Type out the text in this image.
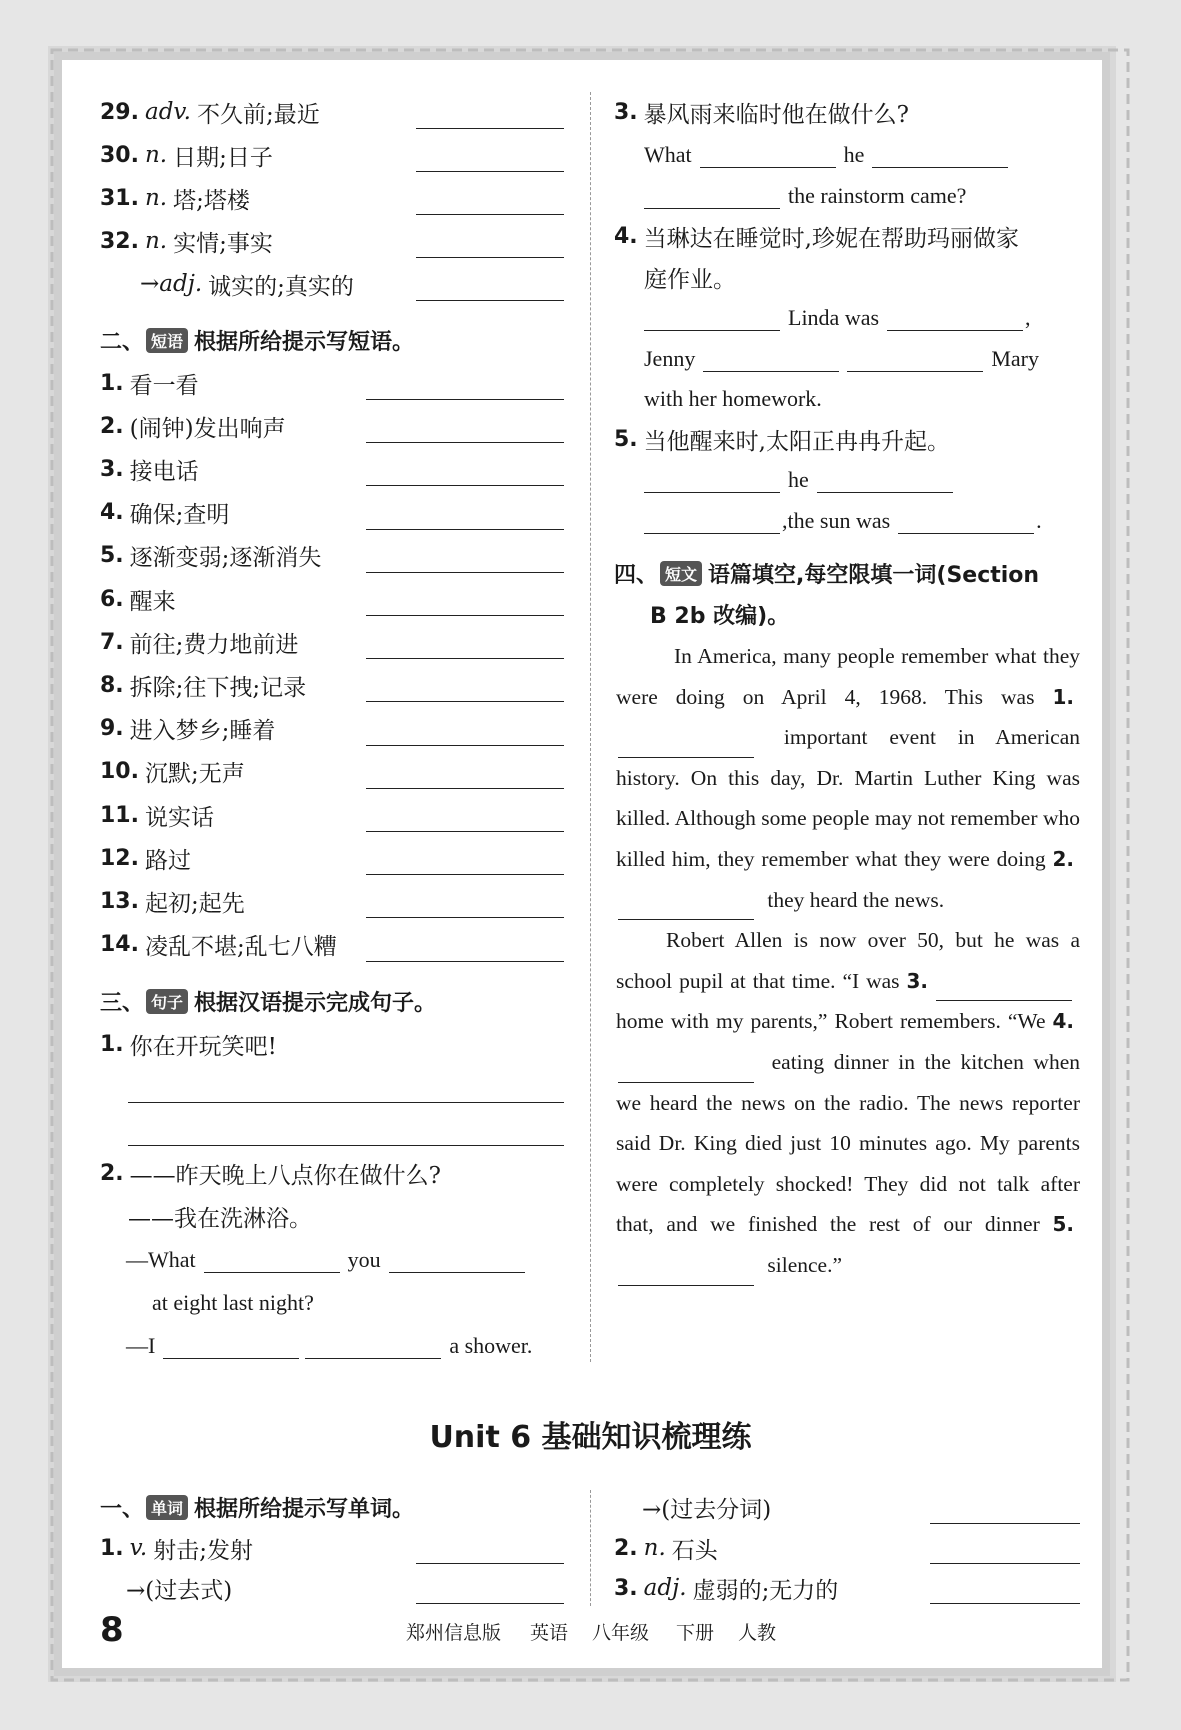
29. adv. 不久前;最近
30. n. 日期;日子
31. n. 塔;塔楼
32. n. 实情;事实
→adj. 诚实的;真实的
二、 短语 根据所给提示写短语。
1. 看一看
2. (闹钟)发出响声
3. 接电话
4. 确保;查明
5. 逐渐变弱;逐渐消失
6. 醒来
7. 前往;费力地前进
8. 拆除;往下拽;记录
9. 进入梦乡;睡着
10. 沉默;无声
11. 说实话
12. 路过
13. 起初;起先
14. 凌乱不堪;乱七八糟
三、 句子 根据汉语提示完成句子。
1. 你在开玩笑吧!
2. ——昨天晚上八点你在做什么?
——我在洗淋浴。
—What	you
at eight last night?
—I	a shower.
3. 暴风雨来临时他在做什么?
What	he
the rainstorm came?
4. 当琳达在睡觉时,珍妮在帮助玛丽做家
庭作业。
Linda was	,
Jenny	Mary
with her homework.
5. 当他醒来时,太阳正冉冉升起。
he
,the sun was	.
四、 短文 语篇填空,每空限填一词(Section
B 2b 改编)。
In America, many people remember what they were doing on April 4, 1968. This was 1. important event in American history. On this day, Dr. Martin Luther King was killed. Although some people may not remember who killed him, they remember what they were doing 2. they heard the news.
Robert Allen is now over 50, but he was a school pupil at that time. “I was 3. home with my parents,” Robert remembers. “We 4. eating dinner in the kitchen when we heard the news on the radio. The news reporter said Dr. King died just 10 minutes ago. My parents were completely shocked! They did not talk after that, and we finished the rest of our dinner 5. silence.”
Unit 6 基础知识梳理练
一、 单词 根据所给提示写单词。
1. v. 射击;发射
→(过去式)
→(过去分词)
2. n. 石头
3. adj. 虚弱的;无力的
8	郑州信息版 英语 八年级 下册 人教
